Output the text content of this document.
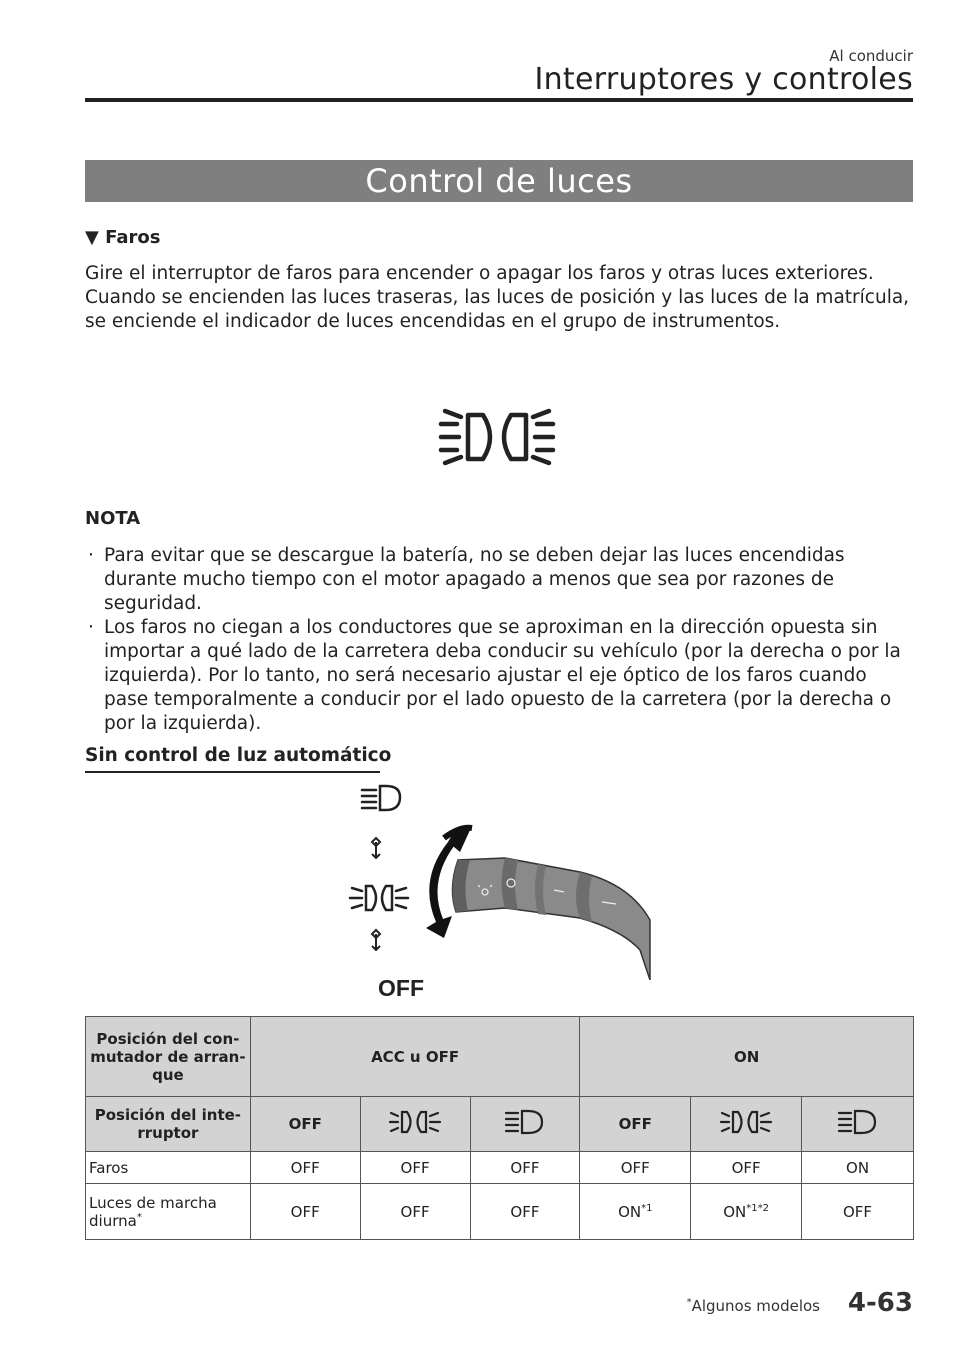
Al conducir
Interruptores y controles
Control de luces
▼ Faros
Gire el interruptor de faros para encender o apagar los faros y otras luces exteriores. Cuando se encienden las luces traseras, las luces de posición y las luces de la matrícula, se enciende el indicador de luces encendidas en el grupo de instrumentos.
NOTA
· Para evitar que se descargue la batería, no se deben dejar las luces encendidas durante mucho tiempo con el motor apagado a menos que sea por razones de seguridad.
· Los faros no ciegan a los conductores que se aproximan en la dirección opuesta sin importar a qué lado de la carretera deba conducir su vehículo (por la derecha o por la izquierda). Por lo tanto, no será necesario ajustar el eje óptico de los faros cuando pase temporalmente a conducir por el lado opuesto de la carretera (por la derecha o por la izquierda).
Sin control de luz automático
OFF
Posición del con-mutador de arran-que	ACC u OFF			ON		
Posición del inte-rruptor	OFF			OFF		
Faros	OFF	OFF	OFF	OFF	OFF	ON
Luces de marcha diurna*	OFF	OFF	OFF	ON$^{*1}$	$ON^{*1*2}$	OFF
*Algunos modelos 4-63
